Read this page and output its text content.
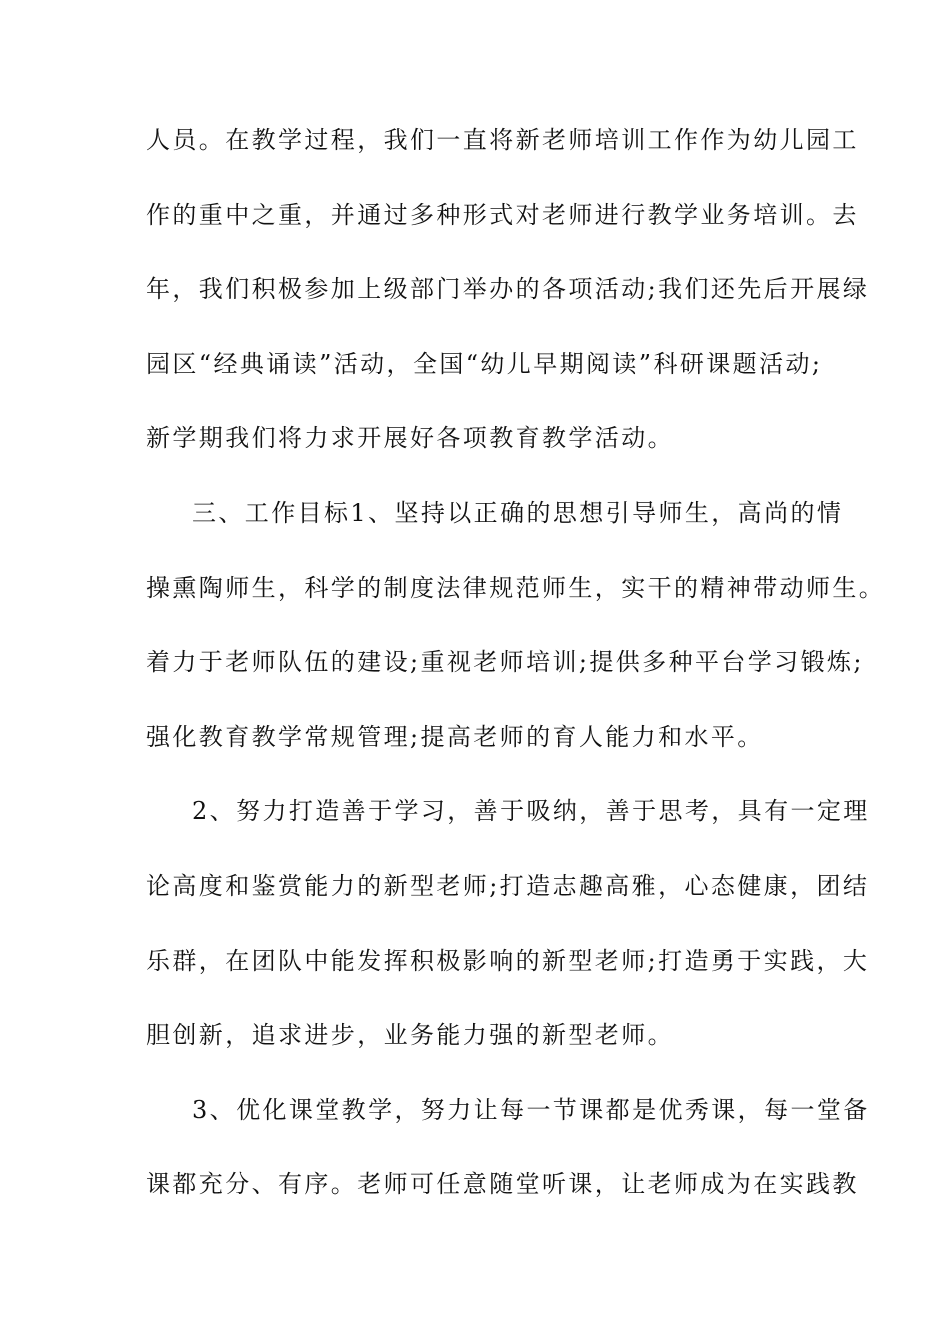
人员。在教学过程，我们一直将新老师培训工作作为幼儿园工
作的重中之重，并通过多种形式对老师进行教学业务培训。去
年，我们积极参加上级部门举办的各项活动;我们还先后开展绿
园区“经典诵读”活动，全国“幼儿早期阅读”科研课题活动;
新学期我们将力求开展好各项教育教学活动。
三、工作目标1、坚持以正确的思想引导师生，高尚的情
操熏陶师生，科学的制度法律规范师生，实干的精神带动师生。
着力于老师队伍的建设;重视老师培训;提供多种平台学习锻炼;
强化教育教学常规管理;提高老师的育人能力和水平。
2、努力打造善于学习，善于吸纳，善于思考，具有一定理
论高度和鉴赏能力的新型老师;打造志趣高雅，心态健康，团结
乐群，在团队中能发挥积极影响的新型老师;打造勇于实践，大
胆创新，追求进步，业务能力强的新型老师。
3、优化课堂教学，努力让每一节课都是优秀课，每一堂备
课都充分、有序。老师可任意随堂听课，让老师成为在实践教
